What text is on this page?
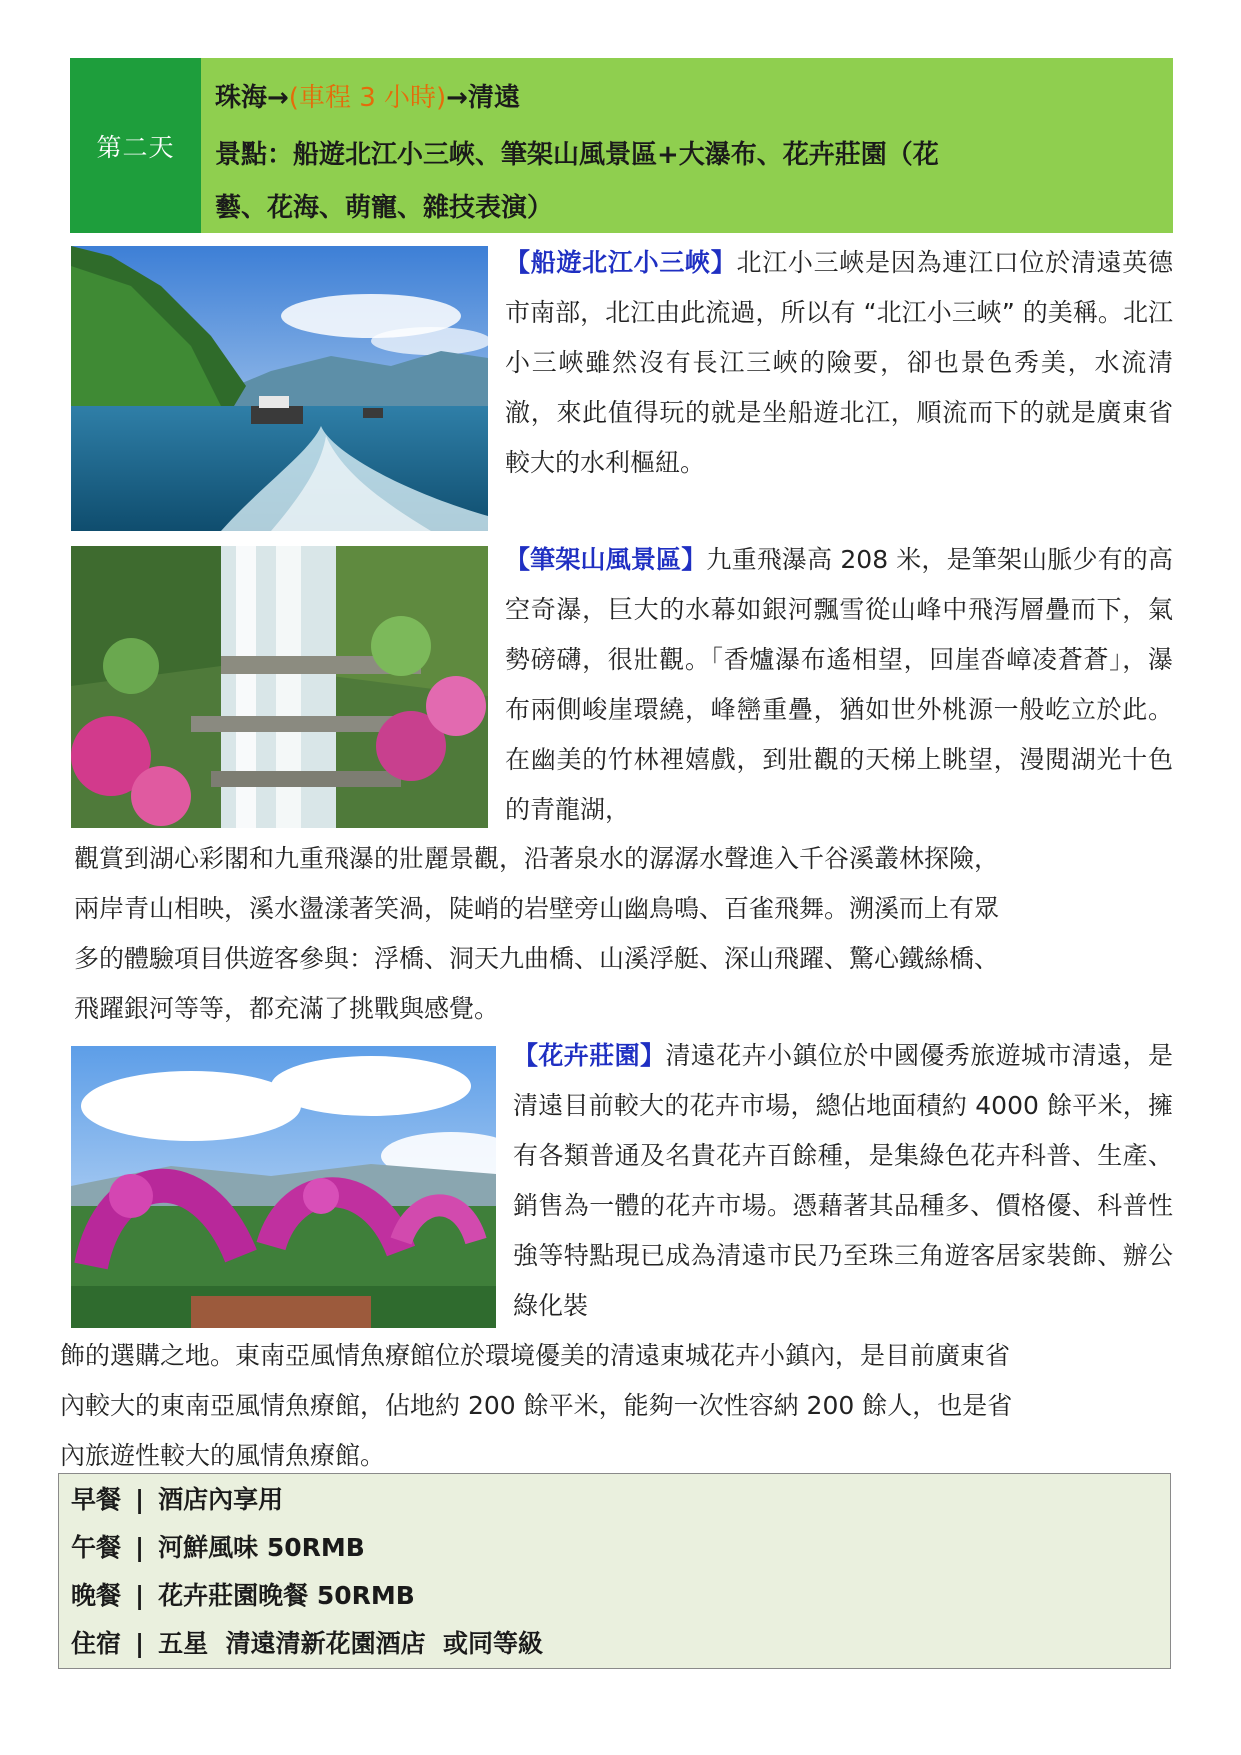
第二天
珠海→(車程 3 小時)→清遠
景點：船遊北江小三峽、筆架山風景區+大瀑布、花卉莊園（花
藝、花海、萌寵、雜技表演）

【船遊北江小三峽】北江小三峽是因為連江口位於清遠英德市南部，北江由此流過，所以有 “北江小三峽” 的美稱。北江小三峽雖然沒有長江三峽的險要，卻也景色秀美，水流清澈，來此值得玩的就是坐船遊北江，順流而下的就是廣東省較大的水利樞紐。

【筆架山風景區】九重飛瀑高 208 米，是筆架山脈少有的高空奇瀑，巨大的水幕如銀河飄雪從山峰中飛泻層疊而下，氣勢磅礴，很壯觀。「香爐瀑布遙相望，回崖沓嶂凌蒼蒼」，瀑布兩側峻崖環繞，峰巒重疊，猶如世外桃源一般屹立於此。在幽美的竹林裡嬉戲，到壯觀的天梯上眺望，漫閱湖光十色的青龍湖，

觀賞到湖心彩閣和九重飛瀑的壯麗景觀，沿著泉水的潺潺水聲進入千谷溪叢林探險，

兩岸青山相映，溪水盪漾著笑渦，陡峭的岩壁旁山幽鳥鳴、百雀飛舞。溯溪而上有眾

多的體驗項目供遊客參與：浮橋、洞天九曲橋、山溪浮艇、深山飛躍、驚心鐵絲橋、

飛躍銀河等等，都充滿了挑戰與感覺。

【花卉莊園】清遠花卉小鎮位於中國優秀旅遊城市清遠，是清遠目前較大的花卉市場，總佔地面積約 4000 餘平米，擁有各類普通及名貴花卉百餘種，是集綠色花卉科普、生產、銷售為一體的花卉市場。憑藉著其品種多、價格優、科普性強等特點現已成為清遠市民乃至珠三角遊客居家裝飾、辦公綠化裝

飾的選購之地。東南亞風情魚療館位於環境優美的清遠東城花卉小鎮內，是目前廣東省

內較大的東南亞風情魚療館，佔地約 200 餘平米，能夠一次性容納 200 餘人，也是省

內旅遊性較大的風情魚療館。

早餐 | 酒店內享用
午餐 | 河鮮風味 50RMB
晚餐 | 花卉莊園晚餐 50RMB
住宿 | 五星  清遠清新花園酒店  或同等級
